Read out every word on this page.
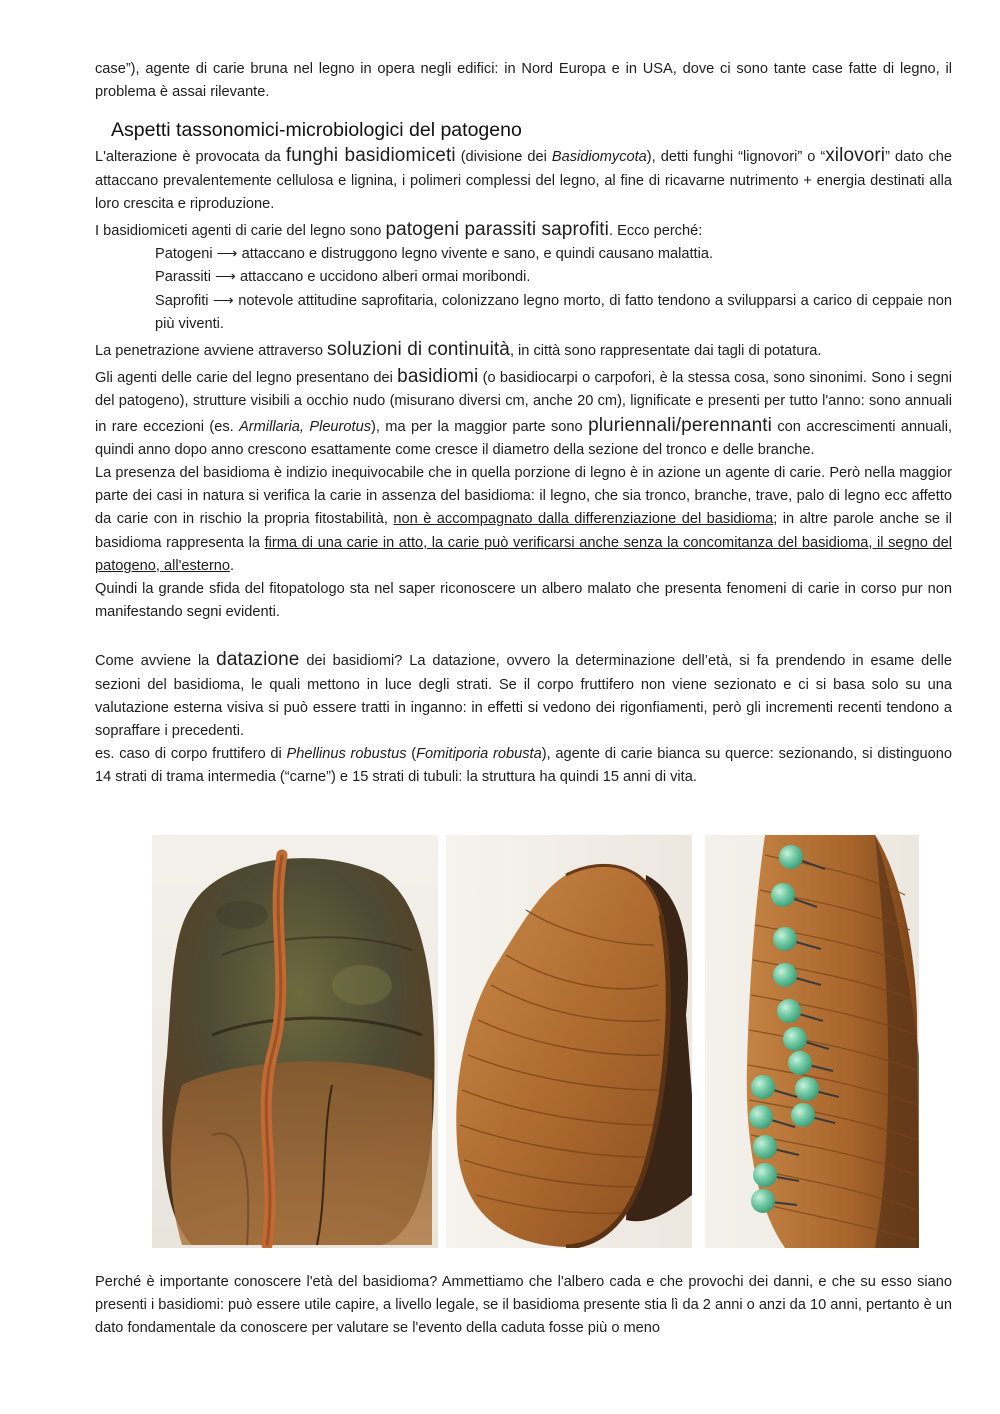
case”), agente di carie bruna nel legno in opera negli edifici: in Nord Europa e in USA, dove ci sono tante case fatte di legno, il problema è assai rilevante.

Aspetti tassonomici-microbiologici del patogeno

L'alterazione è provocata da funghi basidiomiceti (divisione dei Basidiomycota), detti funghi “lignovori” o “xilovori” dato che attaccano prevalentemente cellulosa e lignina, i polimeri complessi del legno, al fine di ricavarne nutrimento + energia destinati alla loro crescita e riproduzione.

I basidiomiceti agenti di carie del legno sono patogeni parassiti saprofiti. Ecco perché:

Patogeni ⟶ attaccano e distruggono legno vivente e sano, e quindi causano malattia.

Parassiti ⟶ attaccano e uccidono alberi ormai moribondi.

Saprofiti ⟶ notevole attitudine saprofitaria, colonizzano legno morto, di fatto tendono a svilupparsi a carico di ceppaie non più viventi.

La penetrazione avviene attraverso soluzioni di continuità, in città sono rappresentate dai tagli di potatura.

Gli agenti delle carie del legno presentano dei basidiomi (o basidiocarpi o carpofori, è la stessa cosa, sono sinonimi. Sono i segni del patogeno), strutture visibili a occhio nudo (misurano diversi cm, anche 20 cm), lignificate e presenti per tutto l'anno: sono annuali in rare eccezioni (es. Armillaria, Pleurotus), ma per la maggior parte sono pluriennali/perennanti con accrescimenti annuali, quindi anno dopo anno crescono esattamente come cresce il diametro della sezione del tronco e delle branche.

La presenza del basidioma è indizio inequivocabile che in quella porzione di legno è in azione un agente di carie. Però nella maggior parte dei casi in natura si verifica la carie in assenza del basidioma: il legno, che sia tronco, branche, trave, palo di legno ecc affetto da carie con in rischio la propria fitostabilità, non è accompagnato dalla differenziazione del basidioma; in altre parole anche se il basidioma rappresenta la firma di una carie in atto, la carie può verificarsi anche senza la concomitanza del basidioma, il segno del patogeno, all'esterno.

Quindi la grande sfida del fitopatologo sta nel saper riconoscere un albero malato che presenta fenomeni di carie in corso pur non manifestando segni evidenti.

Come avviene la datazione dei basidiomi? La datazione, ovvero la determinazione dell’età, si fa prendendo in esame delle sezioni del basidioma, le quali mettono in luce degli strati. Se il corpo fruttifero non viene sezionato e ci si basa solo su una valutazione esterna visiva si può essere tratti in inganno: in effetti si vedono dei rigonfiamenti, però gli incrementi recenti tendono a sopraffare i precedenti.

es. caso di corpo fruttifero di Phellinus robustus (Fomitiporia robusta), agente di carie bianca su querce: sezionando, si distinguono 14 strati di trama intermedia (“carne”) e 15 strati di tubuli: la struttura ha quindi 15 anni di vita.

Perché è importante conoscere l'età del basidioma? Ammettiamo che l'albero cada e che provochi dei danni, e che su esso siano presenti i basidiomi: può essere utile capire, a livello legale, se il basidioma presente stia lì da 2 anni o anzi da 10 anni, pertanto è un dato fondamentale da conoscere per valutare se l'evento della caduta fosse più o meno
